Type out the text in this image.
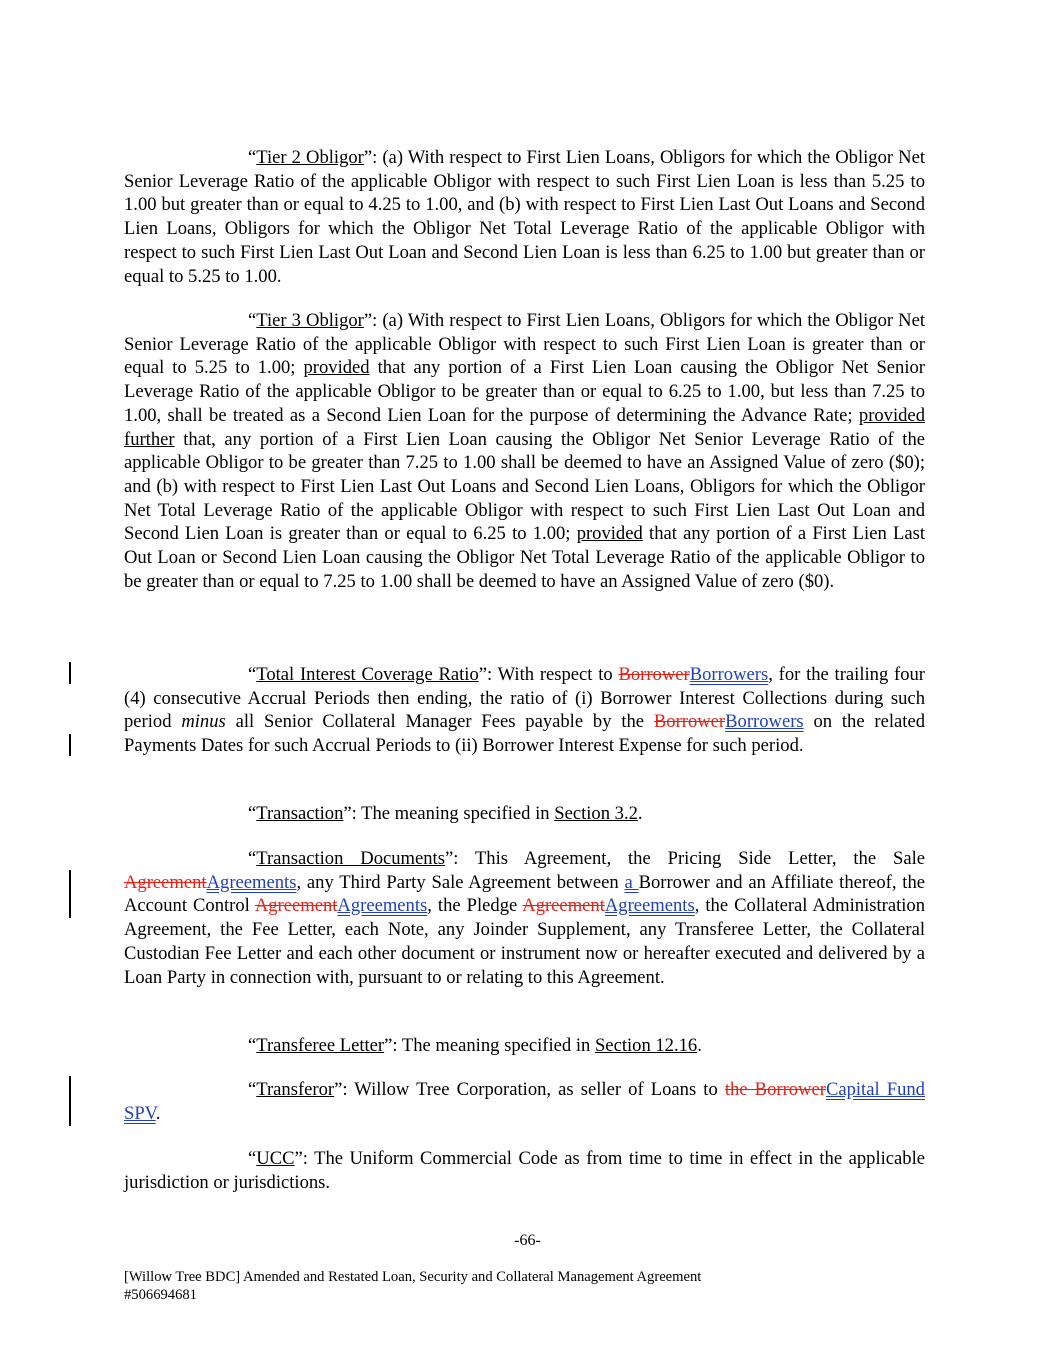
“Tier 2 Obligor”: (a) With respect to First Lien Loans, Obligors for which the Obligor Net Senior Leverage Ratio of the applicable Obligor with respect to such First Lien Loan is less than 5.25 to 1.00 but greater than or equal to 4.25 to 1.00, and (b) with respect to First Lien Last Out Loans and Second Lien Loans, Obligors for which the Obligor Net Total Leverage Ratio of the applicable Obligor with respect to such First Lien Last Out Loan and Second Lien Loan is less than 6.25 to 1.00 but greater than or equal to 5.25 to 1.00.

“Tier 3 Obligor”: (a) With respect to First Lien Loans, Obligors for which the Obligor Net Senior Leverage Ratio of the applicable Obligor with respect to such First Lien Loan is greater than or equal to 5.25 to 1.00; provided that any portion of a First Lien Loan causing the Obligor Net Senior Leverage Ratio of the applicable Obligor to be greater than or equal to 6.25 to 1.00, but less than 7.25 to 1.00, shall be treated as a Second Lien Loan for the purpose of determining the Advance Rate; provided further that, any portion of a First Lien Loan causing the Obligor Net Senior Leverage Ratio of the applicable Obligor to be greater than 7.25 to 1.00 shall be deemed to have an Assigned Value of zero ($0); and (b) with respect to First Lien Last Out Loans and Second Lien Loans, Obligors for which the Obligor Net Total Leverage Ratio of the applicable Obligor with respect to such First Lien Last Out Loan and Second Lien Loan is greater than or equal to 6.25 to 1.00; provided that any portion of a First Lien Last Out Loan or Second Lien Loan causing the Obligor Net Total Leverage Ratio of the applicable Obligor to be greater than or equal to 7.25 to 1.00 shall be deemed to have an Assigned Value of zero ($0).

“Total Interest Coverage Ratio”: With respect to BorrowerBorrowers, for the trailing four (4) consecutive Accrual Periods then ending, the ratio of (i) Borrower Interest Collections during such period minus all Senior Collateral Manager Fees payable by the BorrowerBorrowers on the related Payments Dates for such Accrual Periods to (ii) Borrower Interest Expense for such period.

“Transaction”: The meaning specified in Section 3.2.

“Transaction Documents”: This Agreement, the Pricing Side Letter, the Sale AgreementAgreements, any Third Party Sale Agreement between a Borrower and an Affiliate thereof, the Account Control AgreementAgreements, the Pledge AgreementAgreements, the Collateral Administration Agreement, the Fee Letter, each Note, any Joinder Supplement, any Transferee Letter, the Collateral Custodian Fee Letter and each other document or instrument now or hereafter executed and delivered by a Loan Party in connection with, pursuant to or relating to this Agreement.

“Transferee Letter”: The meaning specified in Section 12.16.

“Transferor”: Willow Tree Corporation, as seller of Loans to the BorrowerCapital Fund SPV.

“UCC”: The Uniform Commercial Code as from time to time in effect in the applicable jurisdiction or jurisdictions.

-66-
[Willow Tree BDC] Amended and Restated Loan, Security and Collateral Management Agreement
#506694681
